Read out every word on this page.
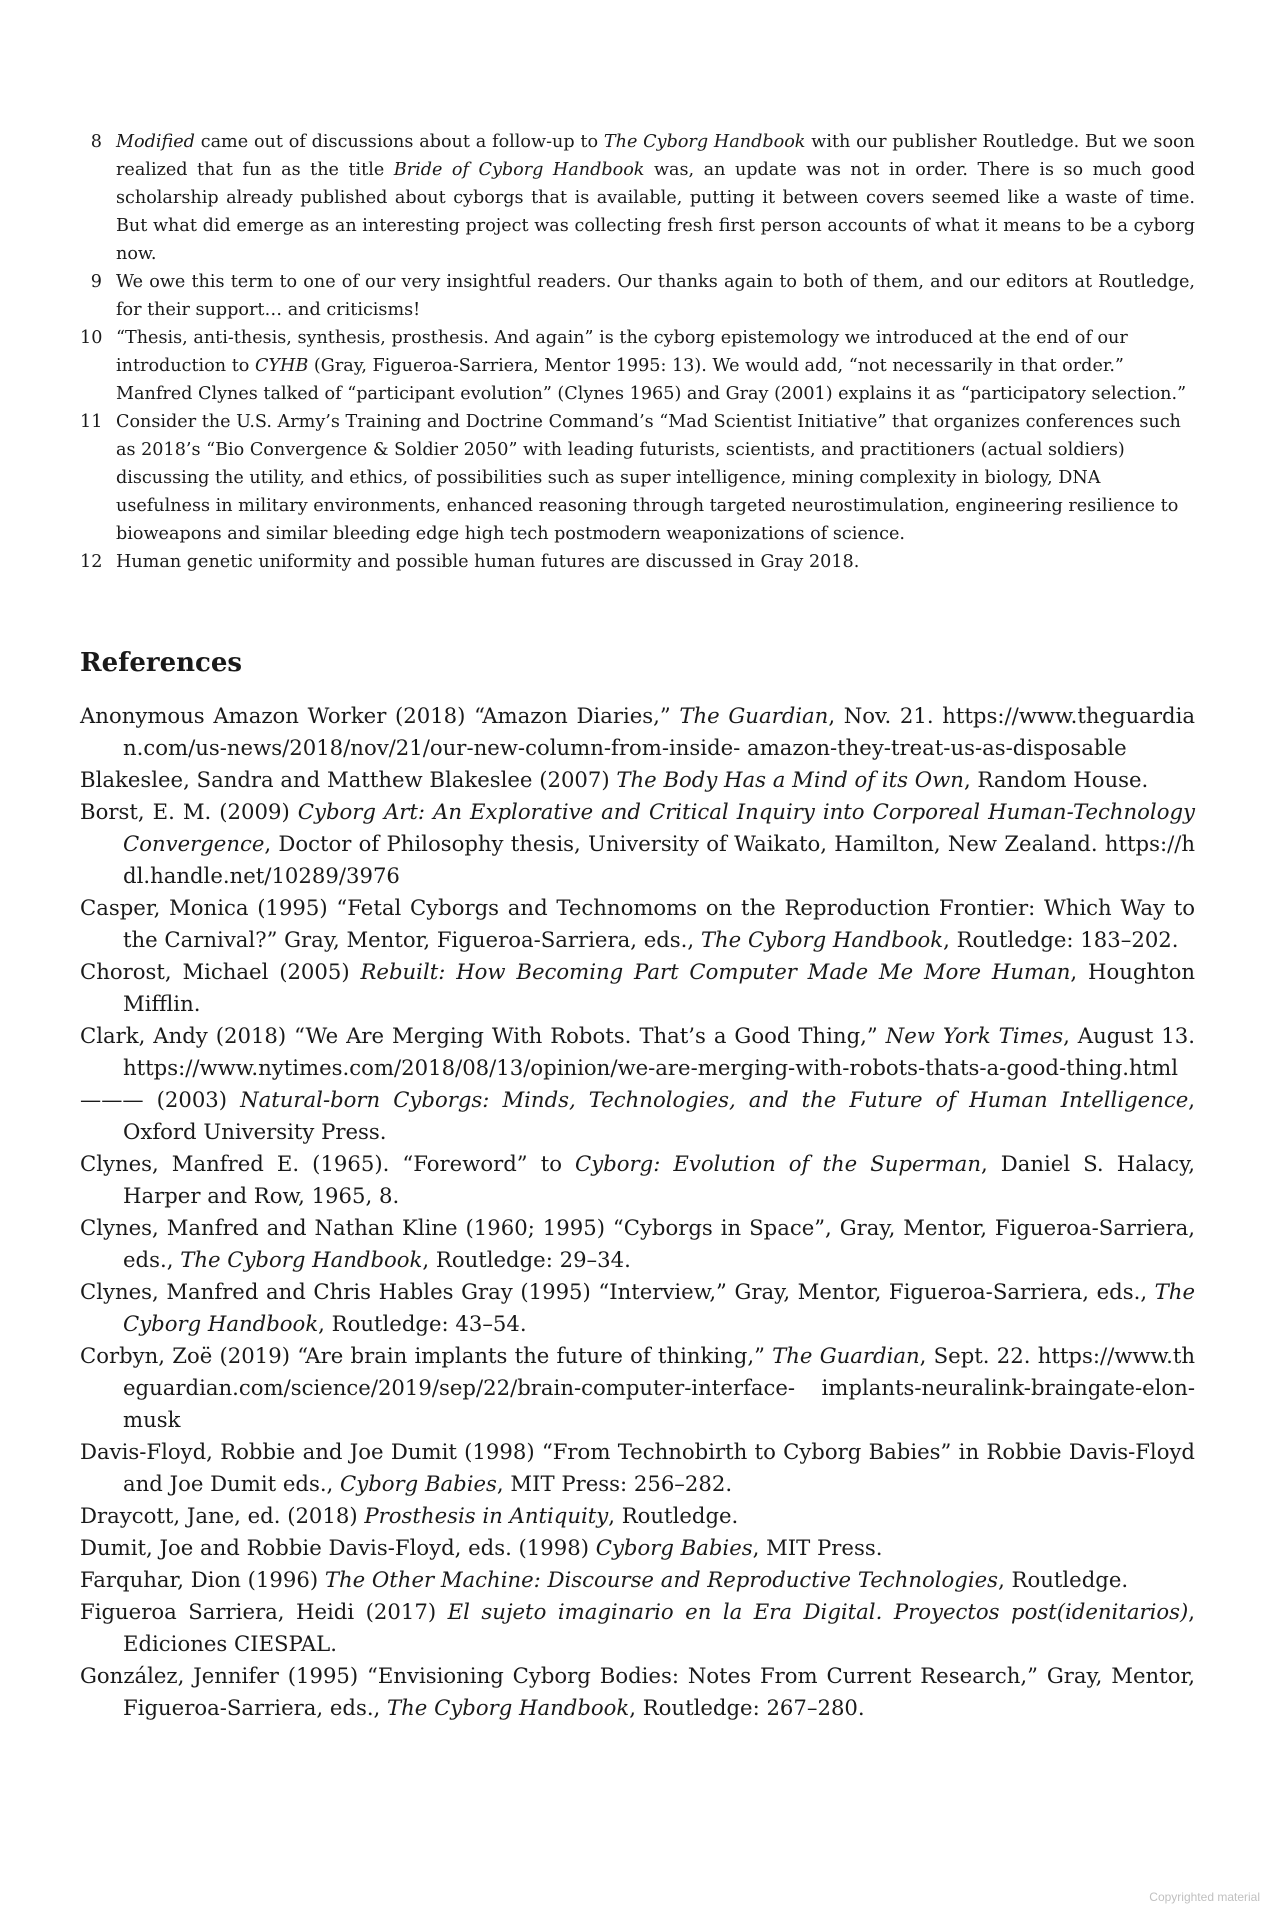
8 Modified came out of discussions about a follow-up to The Cyborg Handbook with our publisher Routledge. But we soon realized that fun as the title Bride of Cyborg Handbook was, an update was not in order. There is so much good scholarship already published about cyborgs that is available, putting it between covers seemed like a waste of time. But what did emerge as an interesting project was collecting fresh first person accounts of what it means to be a cyborg now.
9 We owe this term to one of our very insightful readers. Our thanks again to both of them, and our editors at Routledge, for their support… and criticisms!
10 “Thesis, anti-thesis, synthesis, prosthesis. And again” is the cyborg epistemology we introduced at the end of our introduction to CYHB (Gray, Figueroa-Sarriera, Mentor 1995: 13). We would add, “not necessarily in that order.” Manfred Clynes talked of “participant evolution” (Clynes 1965) and Gray (2001) explains it as “participatory selection.”
11 Consider the U.S. Army’s Training and Doctrine Command’s “Mad Scientist Initiative” that organizes conferences such as 2018’s “Bio Convergence & Soldier 2050” with leading futurists, scientists, and practitioners (actual soldiers) discussing the utility, and ethics, of possibilities such as super intelligence, mining complexity in biology, DNA usefulness in military environments, enhanced reasoning through targeted neurostimulation, engineering resilience to bioweapons and similar bleeding edge high tech postmodern weaponizations of science.
12 Human genetic uniformity and possible human futures are discussed in Gray 2018.
References
Anonymous Amazon Worker (2018) “Amazon Diaries,” The Guardian, Nov. 21. https://www.theguardian.com/us-news/2018/nov/21/our-new-column-from-inside- amazon-they-treat-us-as-disposable
Blakeslee, Sandra and Matthew Blakeslee (2007) The Body Has a Mind of its Own, Random House.
Borst, E. M. (2009) Cyborg Art: An Explorative and Critical Inquiry into Corporeal Human-Technology Convergence, Doctor of Philosophy thesis, University of Waikato, Hamilton, New Zealand. https://hdl.handle.net/10289/3976
Casper, Monica (1995) “Fetal Cyborgs and Technomoms on the Reproduction Frontier: Which Way to the Carnival?” Gray, Mentor, Figueroa-Sarriera, eds., The Cyborg Handbook, Routledge: 183–202.
Chorost, Michael (2005) Rebuilt: How Becoming Part Computer Made Me More Human, Houghton Mifflin.
Clark, Andy (2018) “We Are Merging With Robots. That’s a Good Thing,” New York Times, August 13. https://www.nytimes.com/2018/08/13/opinion/we-are-merging-with-robots-thats-a-good-thing.html
——— (2003) Natural-born Cyborgs: Minds, Technologies, and the Future of Human Intelligence, Oxford University Press.
Clynes, Manfred E. (1965). “Foreword” to Cyborg: Evolution of the Superman, Daniel S. Halacy, Harper and Row, 1965, 8.
Clynes, Manfred and Nathan Kline (1960; 1995) “Cyborgs in Space”, Gray, Mentor, Figueroa-Sarriera, eds., The Cyborg Handbook, Routledge: 29–34.
Clynes, Manfred and Chris Hables Gray (1995) “Interview,” Gray, Mentor, Figueroa-Sarriera, eds., The Cyborg Handbook, Routledge: 43–54.
Corbyn, Zoë (2019) “Are brain implants the future of thinking,” The Guardian, Sept. 22. https://www.theguardian.com/science/2019/sep/22/brain-computer-interface- implants-neuralink-braingate-elon-musk
Davis-Floyd, Robbie and Joe Dumit (1998) “From Technobirth to Cyborg Babies” in Robbie Davis-Floyd and Joe Dumit eds., Cyborg Babies, MIT Press: 256–282.
Draycott, Jane, ed. (2018) Prosthesis in Antiquity, Routledge.
Dumit, Joe and Robbie Davis-Floyd, eds. (1998) Cyborg Babies, MIT Press.
Farquhar, Dion (1996) The Other Machine: Discourse and Reproductive Technologies, Routledge.
Figueroa Sarriera, Heidi (2017) El sujeto imaginario en la Era Digital. Proyectos post(idenitarios), Ediciones CIESPAL.
González, Jennifer (1995) “Envisioning Cyborg Bodies: Notes From Current Research,” Gray, Mentor, Figueroa-Sarriera, eds., The Cyborg Handbook, Routledge: 267–280.
Copyrighted material
